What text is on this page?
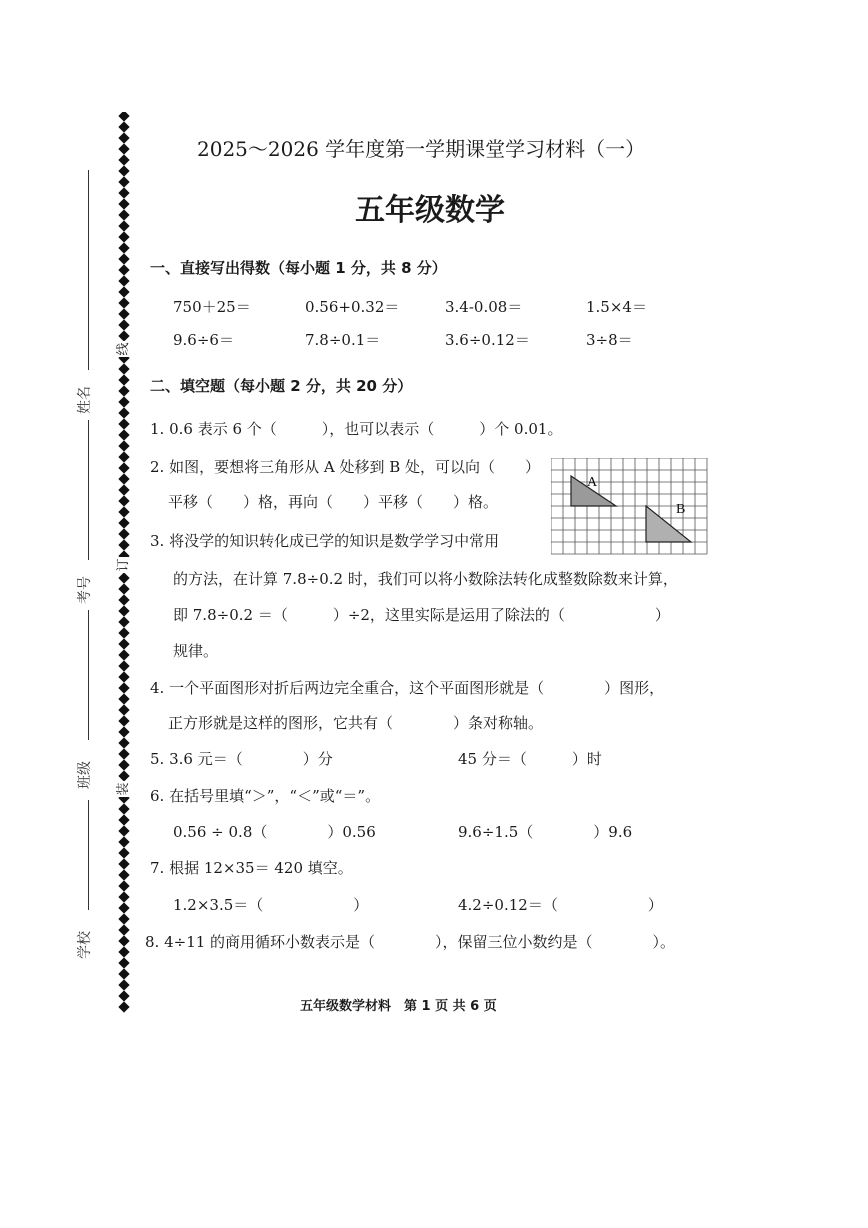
姓名
考号
班级
学校
线
订
装
2025～2026 学年度第一学期课堂学习材料（一）
五年级数学
一、直接写出得数（每小题 1 分，共 8 分）
750＋25＝	0.56+0.32＝	3.4-0.08＝	1.5×4＝
9.6÷6＝	7.8÷0.1＝	3.6÷0.12＝	3÷8＝
二、填空题（每小题 2 分，共 20 分）
1. 0.6 表示 6 个（　　　），也可以表示（　　　）个 0.01。
2. 如图，要想将三角形从 A 处移到 B 处，可以向（　　）
平移（　　）格，再向（　　）平移（　　）格。
A
B
3. 将没学的知识转化成已学的知识是数学学习中常用
的方法，在计算 7.8÷0.2 时，我们可以将小数除法转化成整数除数来计算，
即 7.8÷0.2 ＝（　　　）÷2，这里实际是运用了除法的（　　　　　　）
规律。
4. 一个平面图形对折后两边完全重合，这个平面图形就是（　　　　）图形，
正方形就是这样的图形，它共有（　　　　）条对称轴。
5. 3.6 元＝（　　　　）分	45 分＝（　　　）时
6. 在括号里填“＞”，“＜”或“＝”。
0.56 ÷ 0.8（　　　　）0.56	9.6÷1.5（　　　　）9.6
7. 根据 12×35＝ 420 填空。
1.2×3.5＝（　　　　　　）	4.2÷0.12＝（　　　　　　）
8. 4÷11 的商用循环小数表示是（　　　　），保留三位小数约是（　　　　）。
五年级数学材料　第 1 页 共 6 页
